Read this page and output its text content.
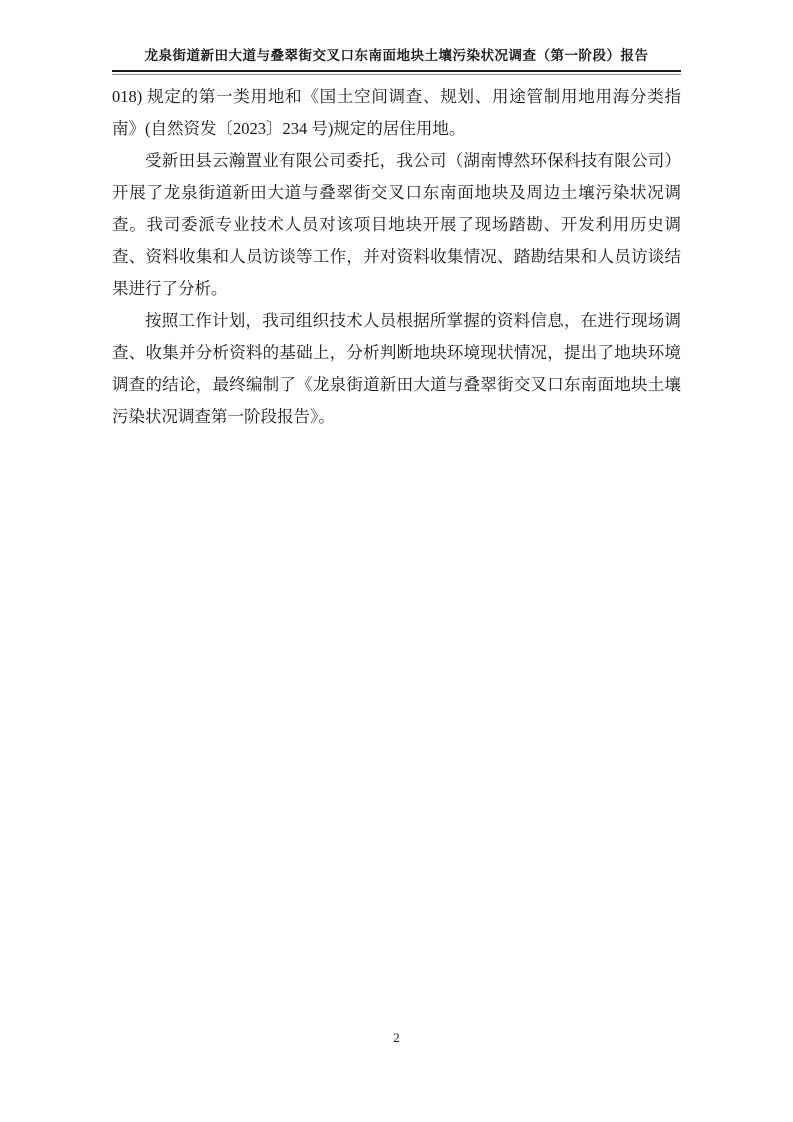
龙泉街道新田大道与叠翠街交叉口东南面地块土壤污染状况调查（第一阶段）报告

018) 规定的第一类用地和《国土空间调查、规划、用途管制用地用海分类指南》(自然资发〔2023〕234 号)规定的居住用地。

受新田县云瀚置业有限公司委托，我公司（湖南博然环保科技有限公司）开展了龙泉街道新田大道与叠翠街交叉口东南面地块及周边土壤污染状况调查。我司委派专业技术人员对该项目地块开展了现场踏勘、开发利用历史调查、资料收集和人员访谈等工作，并对资料收集情况、踏勘结果和人员访谈结果进行了分析。

按照工作计划，我司组织技术人员根据所掌握的资料信息，在进行现场调查、收集并分析资料的基础上，分析判断地块环境现状情况，提出了地块环境调查的结论，最终编制了《龙泉街道新田大道与叠翠街交叉口东南面地块土壤污染状况调查第一阶段报告》。

2
